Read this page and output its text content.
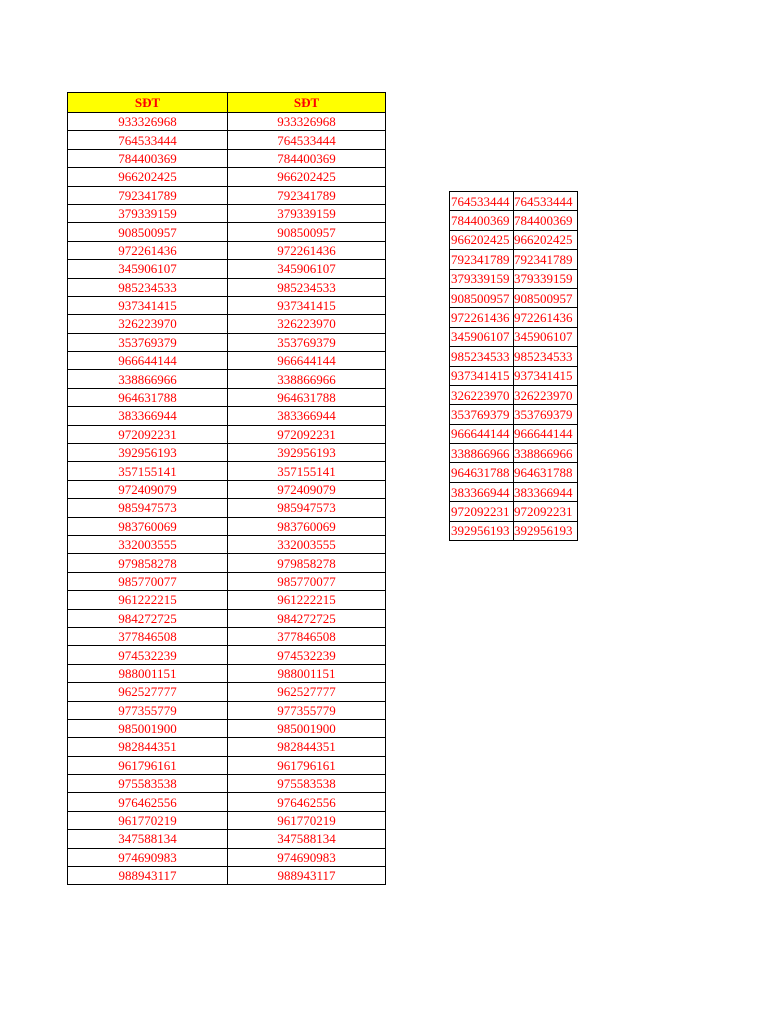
SĐT	SĐT
933326968	933326968
764533444	764533444
784400369	784400369
966202425	966202425
792341789	792341789
379339159	379339159
908500957	908500957
972261436	972261436
345906107	345906107
985234533	985234533
937341415	937341415
326223970	326223970
353769379	353769379
966644144	966644144
338866966	338866966
964631788	964631788
383366944	383366944
972092231	972092231
392956193	392956193
357155141	357155141
972409079	972409079
985947573	985947573
983760069	983760069
332003555	332003555
979858278	979858278
985770077	985770077
961222215	961222215
984272725	984272725
377846508	377846508
974532239	974532239
988001151	988001151
962527777	962527777
977355779	977355779
985001900	985001900
982844351	982844351
961796161	961796161
975583538	975583538
976462556	976462556
961770219	961770219
347588134	347588134
974690983	974690983
988943117	988943117
764533444	764533444
784400369	784400369
966202425	966202425
792341789	792341789
379339159	379339159
908500957	908500957
972261436	972261436
345906107	345906107
985234533	985234533
937341415	937341415
326223970	326223970
353769379	353769379
966644144	966644144
338866966	338866966
964631788	964631788
383366944	383366944
972092231	972092231
392956193	392956193
